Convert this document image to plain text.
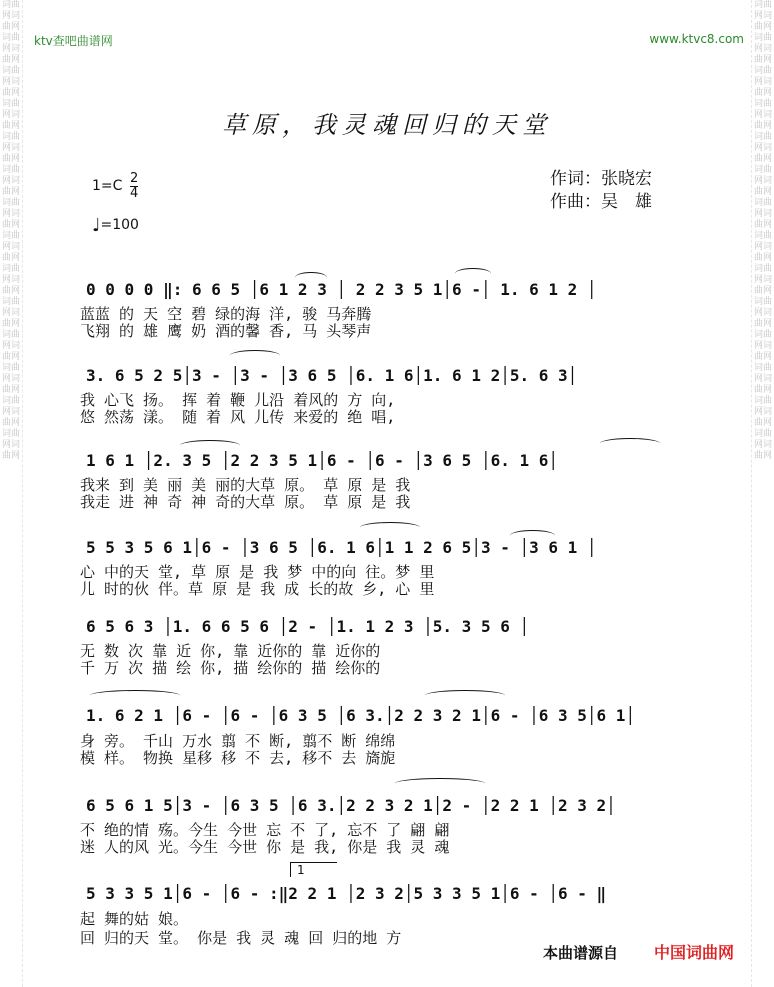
词曲网词曲网词曲网词曲网词曲网词曲网词曲网词曲网词曲网词曲网词曲网词曲网词曲网词曲网词曲网词曲网词曲网词曲网词曲网词曲网词曲网词曲网词曲网词曲网词曲网词曲网词曲网词曲网
词曲网词曲网词曲网词曲网词曲网词曲网词曲网词曲网词曲网词曲网词曲网词曲网词曲网词曲网词曲网词曲网词曲网词曲网词曲网词曲网词曲网词曲网词曲网词曲网词曲网词曲网词曲网词曲网
ktv查吧曲谱网	www.ktvc8.com
草原，我灵魂回归的天堂
$1=C \frac{2}{4}$
♩=100
作词：张晓宏
作曲：吴　雄
0 0 0 0 ‖: 6 6 5 │6 1 2 3 │ 2 2 3 5 1│6 -│ 1. 6 1 2 │
蓝蓝 的 天 空 碧 绿的海 洋, 骏 马奔腾
飞翔 的 雄 鹰 奶 酒的馨 香, 马 头琴声
3. 6 5 2 5│3 - │3 - │3 6 5 │6. 1 6│1. 6 1 2│5. 6 3│
我 心飞 扬。 挥 着 鞭 儿沿 着风的 方 向,
悠 然荡 漾。 随 着 风 儿传 来爱的 绝 唱,
1 6 1 │2. 3 5 │2 2 3 5 1│6 - │6 - │3 6 5 │6. 1 6│
我来 到 美 丽 美 丽的大草 原。 草 原 是 我
我走 进 神 奇 神 奇的大草 原。 草 原 是 我
5 5 3 5 6 1│6 - │3 6 5 │6. 1 6│1 1 2 6 5│3 - │3 6 1 │
心 中的天 堂, 草 原 是 我 梦 中的向 往。梦 里
儿 时的伙 伴。草 原 是 我 成 长的故 乡, 心 里
6 5 6 3 │1. 6 6 5 6 │2 - │1. 1 2 3 │5. 3 5 6 │
无 数 次 靠 近 你, 靠 近你的 靠 近你的
千 万 次 描 绘 你, 描 绘你的 描 绘你的
1. 6 2 1 │6 - │6 - │6 3 5 │6 3.│2 2 3 2 1│6 - │6 3 5│6 1│
身 旁。 千山 万水 翦 不 断, 翦不 断 绵绵
模 样。 物换 星移 移 不 去, 移不 去 旖旎
6 5 6 1 5│3 - │6 3 5 │6 3.│2 2 3 2 1│2 - │2 2 1 │2 3 2│
不 绝的情 殇。今生 今世 忘 不 了, 忘不 了 翩 翩
迷 人的风 光。今生 今世 你 是 我, 你是 我 灵 魂
1
5 3 3 5 1│6 - │6 - :‖2 2 1 │2 3 2│5 3 3 5 1│6 - │6 - ‖
起 舞的姑 娘。
回 归的天 堂。 你是 我 灵 魂 回 归的地 方
本曲谱源自 中国词曲网
